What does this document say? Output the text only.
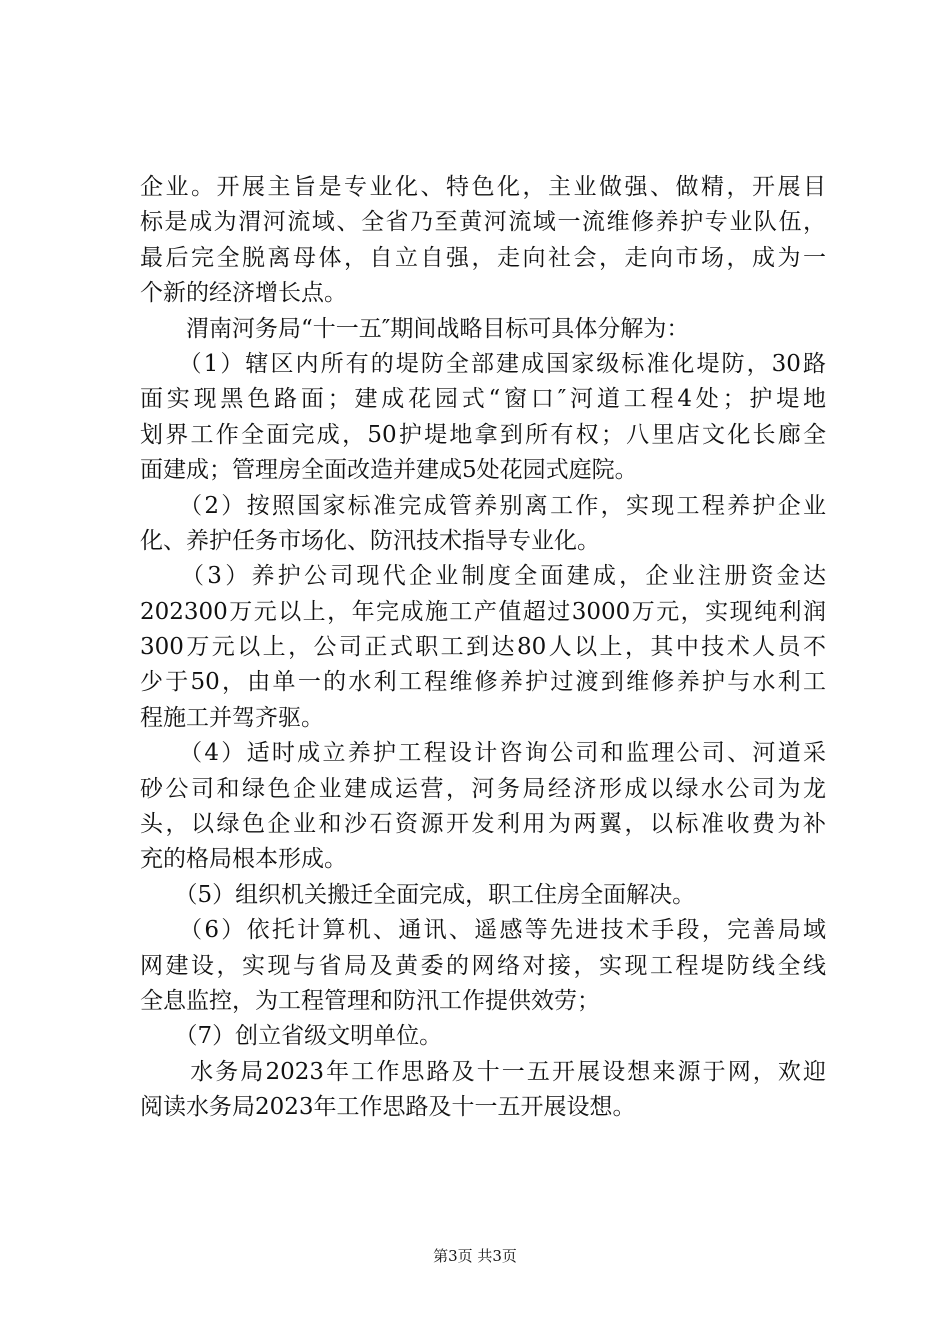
企业。开展主旨是专业化、特色化，主业做强、做精，开展目
标是成为渭河流域、全省乃至黄河流域一流维修养护专业队伍，
最后完全脱离母体，自立自强，走向社会，走向市场，成为一
个新的经济增长点。
　　渭南河务局“十一五″期间战略目标可具体分解为：
　　（1）辖区内所有的堤防全部建成国家级标准化堤防，30路
面实现黑色路面；建成花园式“窗口″河道工程4处；护堤地
划界工作全面完成，50护堤地拿到所有权；八里店文化长廊全
面建成；管理房全面改造并建成5处花园式庭院。
　　（2）按照国家标准完成管养别离工作，实现工程养护企业
化、养护任务市场化、防汛技术指导专业化。
　　（3）养护公司现代企业制度全面建成，企业注册资金达
202300万元以上，年完成施工产值超过3000万元，实现纯利润
300万元以上，公司正式职工到达80人以上，其中技术人员不
少于50，由单一的水利工程维修养护过渡到维修养护与水利工
程施工并驾齐驱。
　　（4）适时成立养护工程设计咨询公司和监理公司、河道采
砂公司和绿色企业建成运营，河务局经济形成以绿水公司为龙
头，以绿色企业和沙石资源开发利用为两翼，以标准收费为补
充的格局根本形成。
　　（5）组织机关搬迁全面完成，职工住房全面解决。
　　（6）依托计算机、通讯、遥感等先进技术手段，完善局域
网建设，实现与省局及黄委的网络对接，实现工程堤防线全线
全息监控，为工程管理和防汛工作提供效劳；
　　（7）创立省级文明单位。
　　水务局2023年工作思路及十一五开展设想来源于网，欢迎
阅读水务局2023年工作思路及十一五开展设想。
第3页 共3页
